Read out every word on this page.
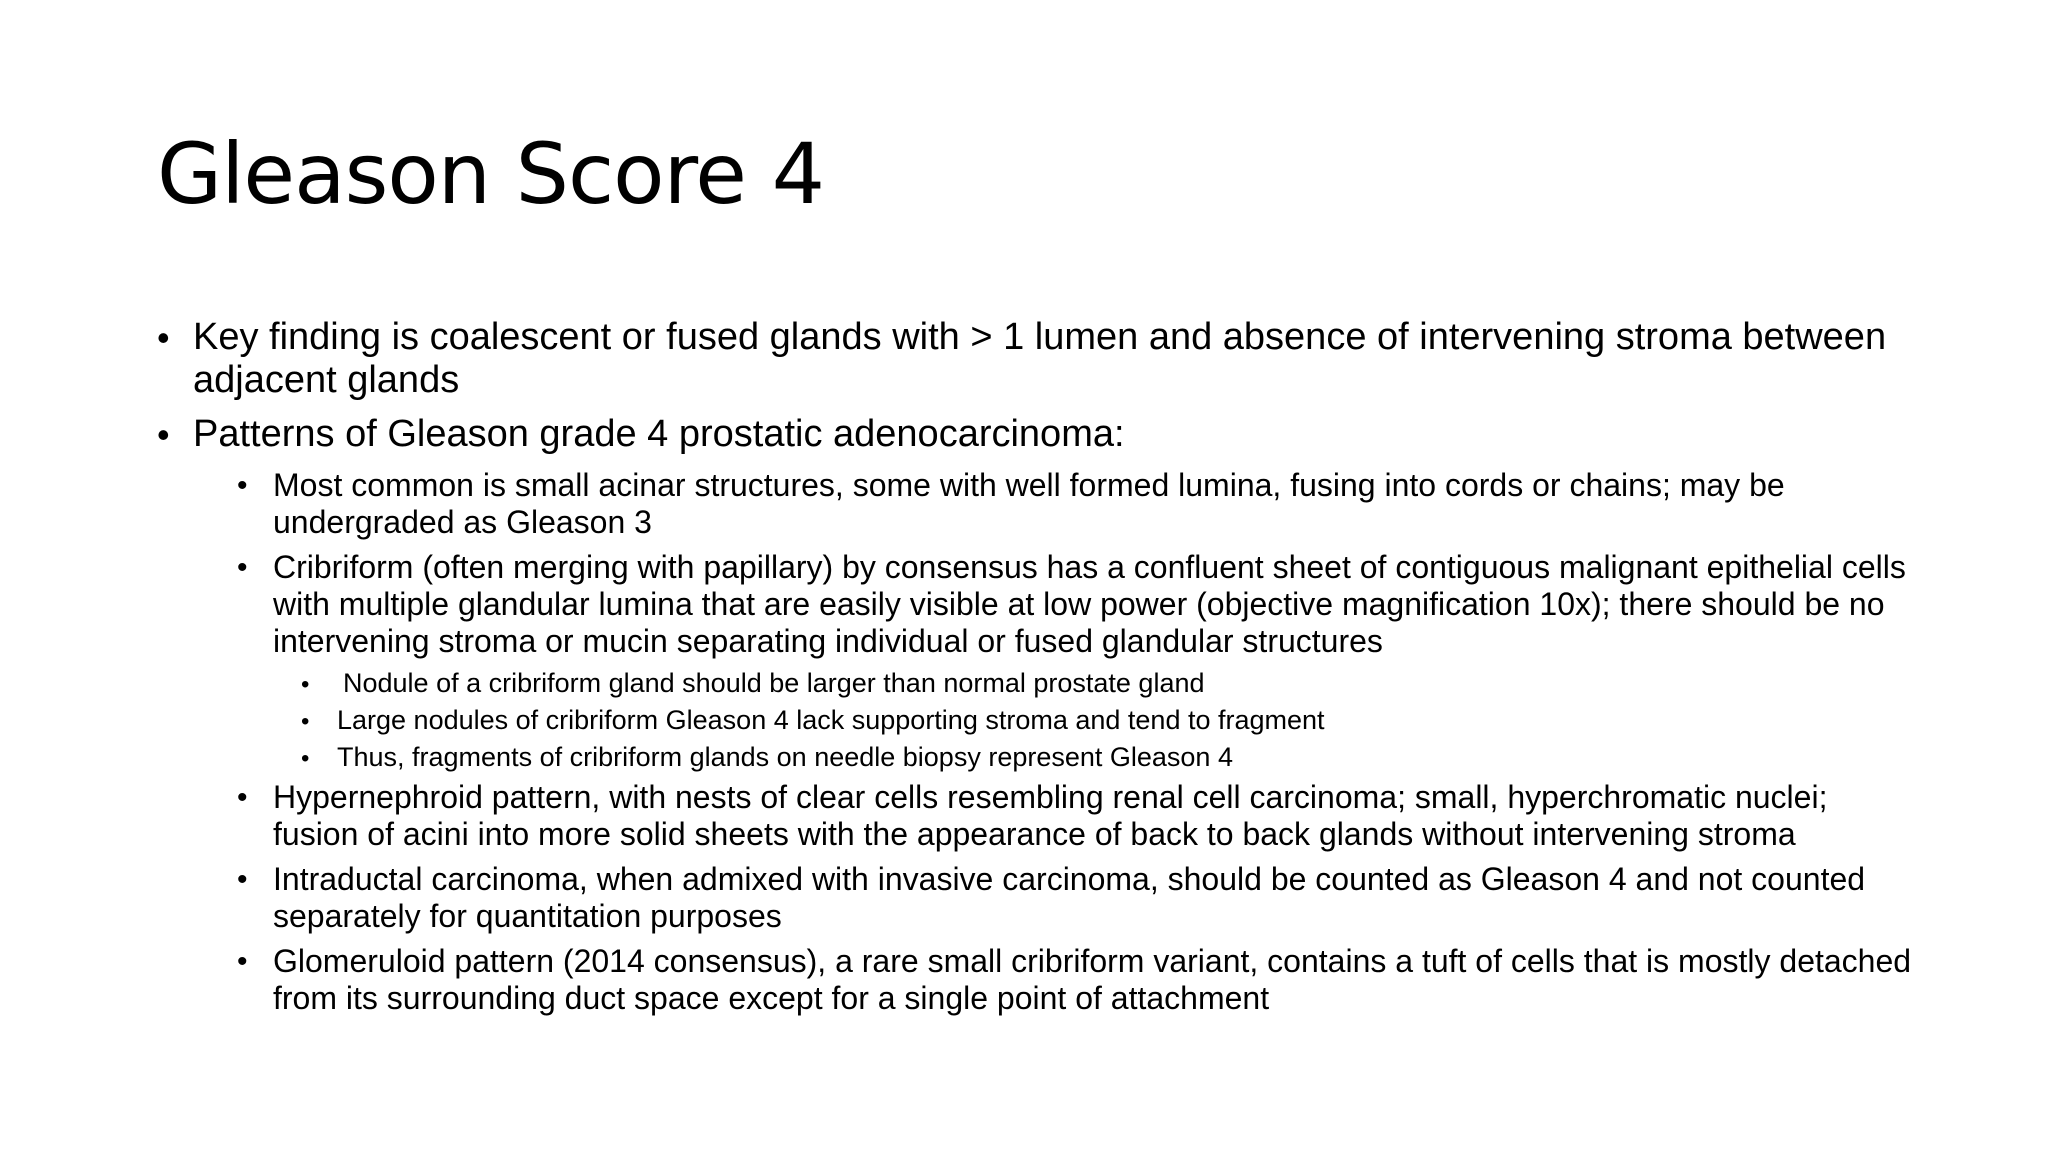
Gleason Score 4
• Key finding is coalescent or fused glands with > 1 lumen and absence of intervening stroma between adjacent glands
• Patterns of Gleason grade 4 prostatic adenocarcinoma:
• Most common is small acinar structures, some with well formed lumina, fusing into cords or chains; may be undergraded as Gleason 3
• Cribriform (often merging with papillary) by consensus has a confluent sheet of contiguous malignant epithelial cells with multiple glandular lumina that are easily visible at low power (objective magnification 10x); there should be no intervening stroma or mucin separating individual or fused glandular structures
• Nodule of a cribriform gland should be larger than normal prostate gland
• Large nodules of cribriform Gleason 4 lack supporting stroma and tend to fragment
• Thus, fragments of cribriform glands on needle biopsy represent Gleason 4
• Hypernephroid pattern, with nests of clear cells resembling renal cell carcinoma; small, hyperchromatic nuclei; fusion of acini into more solid sheets with the appearance of back to back glands without intervening stroma
• Intraductal carcinoma, when admixed with invasive carcinoma, should be counted as Gleason 4 and not counted separately for quantitation purposes
• Glomeruloid pattern (2014 consensus), a rare small cribriform variant, contains a tuft of cells that is mostly detached from its surrounding duct space except for a single point of attachment
